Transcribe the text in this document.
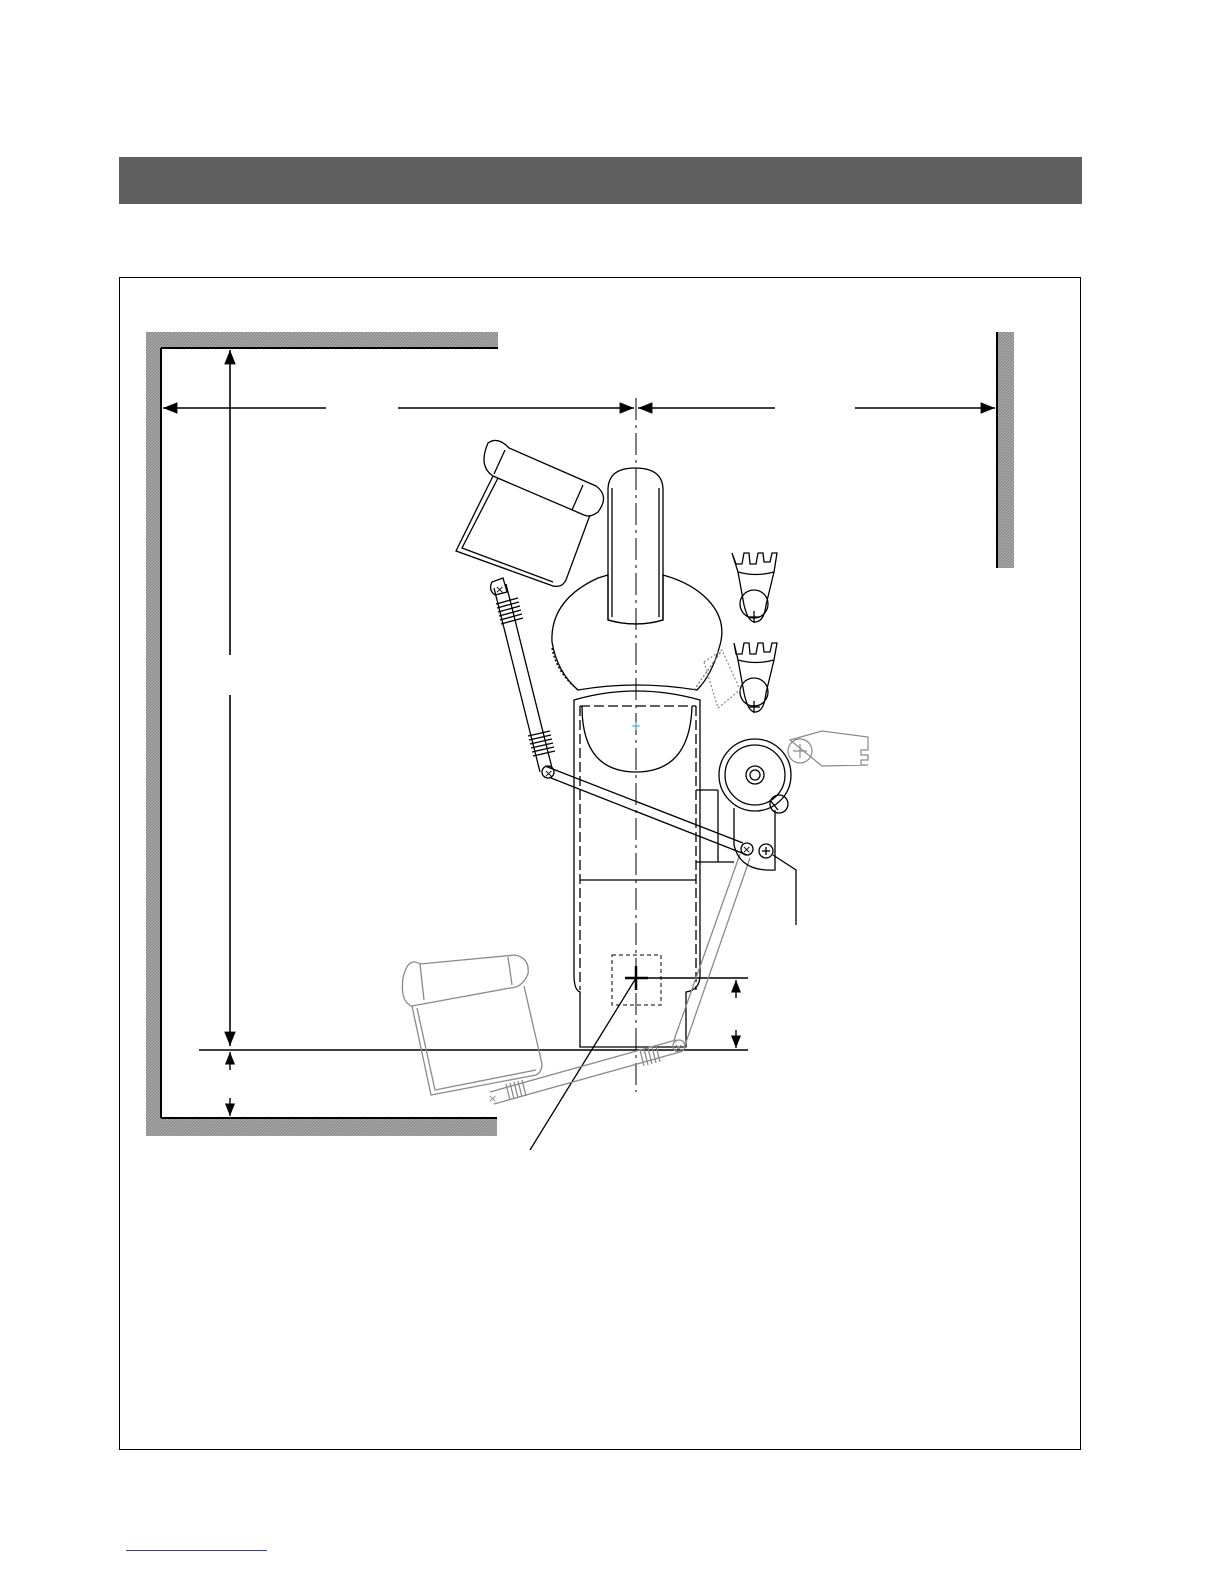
+
×
×
×
×
×
